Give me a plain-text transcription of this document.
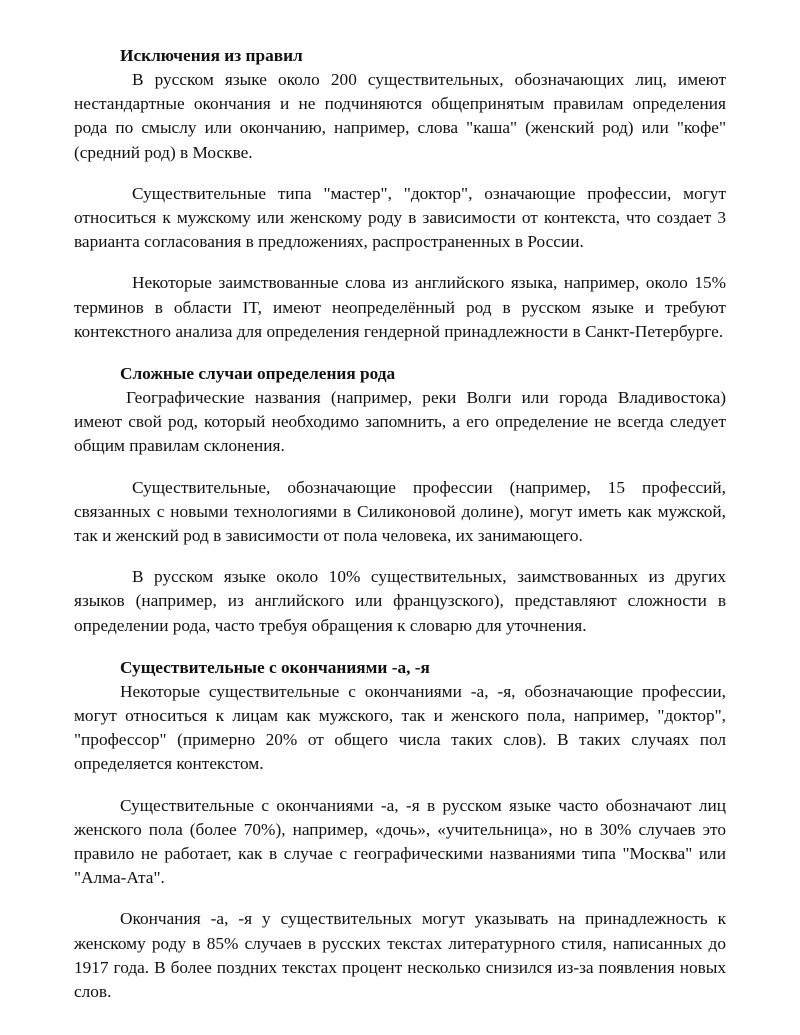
Исключения из правил

В русском языке около 200 существительных, обозначающих лиц, имеют нестандартные окончания и не подчиняются общепринятым правилам определения рода по смыслу или окончанию, например, слова "каша" (женский род) или "кофе" (средний род) в Москве.

Существительные типа "мастер", "доктор", означающие профессии, могут относиться к мужскому или женскому роду в зависимости от контекста, что создает 3 варианта согласования в предложениях, распространенных в России.

Некоторые заимствованные слова из английского языка, например, около 15% терминов в области IT, имеют неопределённый род в русском языке и требуют контекстного анализа для определения гендерной принадлежности в Санкт-Петербурге.

Сложные случаи определения рода

Географические названия (например, реки Волги или города Владивостока) имеют свой род, который необходимо запомнить, а его определение не всегда следует общим правилам склонения.

Существительные, обозначающие профессии (например, 15 профессий, связанных с новыми технологиями в Силиконовой долине), могут иметь как мужской, так и женский род в зависимости от пола человека, их занимающего.

В русском языке около 10% существительных, заимствованных из других языков (например, из английского или французского), представляют сложности в определении рода, часто требуя обращения к словарю для уточнения.

Существительные с окончаниями -а, -я

Некоторые существительные с окончаниями -а, -я, обозначающие профессии, могут относиться к лицам как мужского, так и женского пола, например, "доктор", "профессор" (примерно 20% от общего числа таких слов). В таких случаях пол определяется контекстом.

Существительные с окончаниями -а, -я в русском языке часто обозначают лиц женского пола (более 70%), например, «дочь», «учительница», но в 30% случаев это правило не работает, как в случае с географическими названиями типа "Москва" или "Алма-Ата".

Окончания -а, -я у существительных могут указывать на принадлежность к женскому роду в 85% случаев в русских текстах литературного стиля, написанных до 1917 года. В более поздних текстах процент несколько снизился из-за появления новых слов.
